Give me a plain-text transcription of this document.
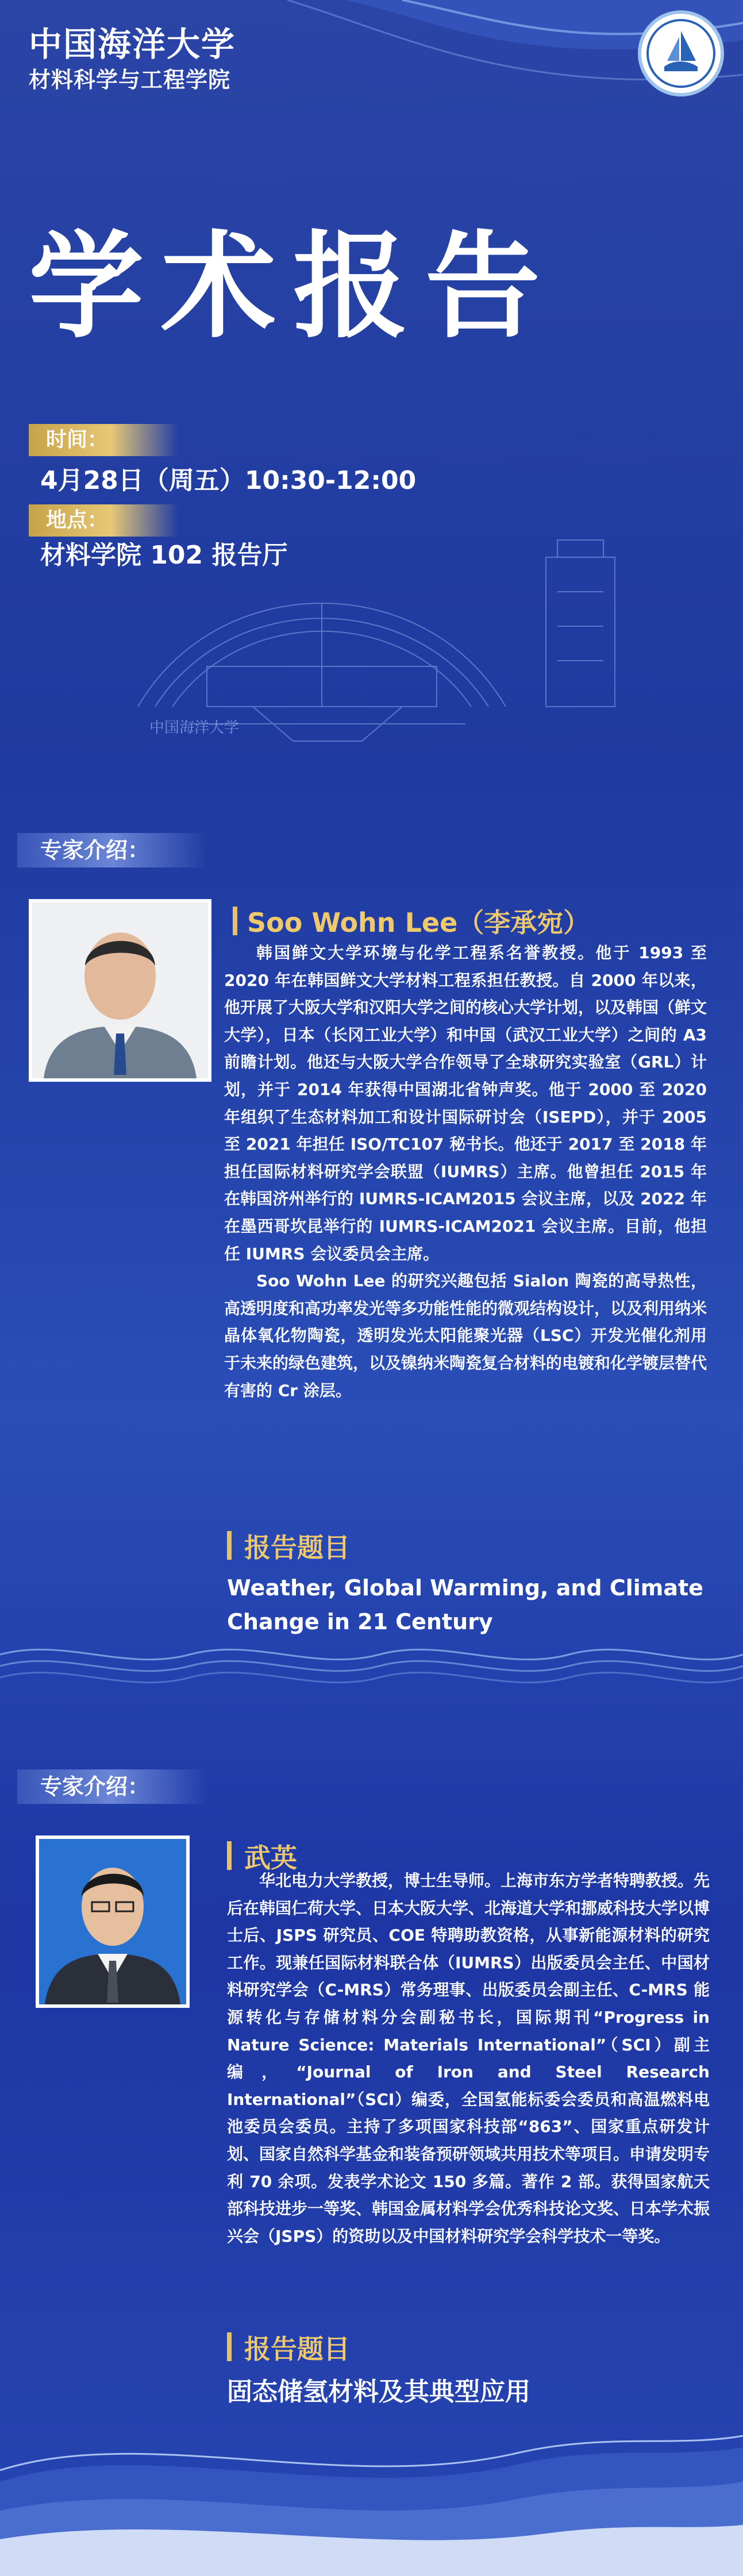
中国海洋大学
材料科学与工程学院
学术报告
时间：
4月28日（周五）10:30-12:00
地点：
材料学院 102 报告厅
中国海洋大学
专家介绍：
Soo Wohn Lee（李承宛）

韩国鲜文大学环境与化学工程系名誉教授。他于 1993 至 2020 年在韩国鲜文大学材料工程系担任教授。自 2000 年以来，他开展了大阪大学和汉阳大学之间的核心大学计划，以及韩国（鲜文大学），日本（长冈工业大学）和中国（武汉工业大学）之间的 A3 前瞻计划。他还与大阪大学合作领导了全球研究实验室（GRL）计划，并于 2014 年获得中国湖北省钟声奖。他于 2000 至 2020 年组织了生态材料加工和设计国际研讨会（ISEPD），并于 2005 至 2021 年担任 ISO/TC107 秘书长。他还于 2017 至 2018 年担任国际材料研究学会联盟（IUMRS）主席。他曾担任 2015 年在韩国济州举行的 IUMRS-ICAM2015 会议主席，以及 2022 年在墨西哥坎昆举行的 IUMRS-ICAM2021 会议主席。目前，他担任 IUMRS 会议委员会主席。

Soo Wohn Lee 的研究兴趣包括 Sialon 陶瓷的高导热性，高透明度和高功率发光等多功能性能的微观结构设计，以及利用纳米晶体氧化物陶瓷，透明发光太阳能聚光器（LSC）开发光催化剂用于未来的绿色建筑，以及镍纳米陶瓷复合材料的电镀和化学镀层替代有害的 Cr 涂层。

报告题目
Weather, Global Warming, and Climate Change in 21 Century
专家介绍：
武英

华北电力大学教授，博士生导师。上海市东方学者特聘教授。先后在韩国仁荷大学、日本大阪大学、北海道大学和挪威科技大学以博士后、JSPS 研究员、COE 特聘助教资格，从事新能源材料的研究工作。现兼任国际材料联合体（IUMRS）出版委员会主任、中国材料研究学会（C-MRS）常务理事、出版委员会副主任、C-MRS 能源转化与存储材料分会副秘书长，国际期刊“Progress in Nature Science: Materials International”（SCI）副主编，“Journal of Iron and Steel Research International”（SCI）编委，全国氢能标委会委员和高温燃料电池委员会委员。主持了多项国家科技部“863”、国家重点研发计划、国家自然科学基金和装备预研领域共用技术等项目。申请发明专利 70 余项。发表学术论文 150 多篇。著作 2 部。获得国家航天部科技进步一等奖、韩国金属材料学会优秀科技论文奖、日本学术振兴会（JSPS）的资助以及中国材料研究学会科学技术一等奖。

报告题目
固态储氢材料及其典型应用
